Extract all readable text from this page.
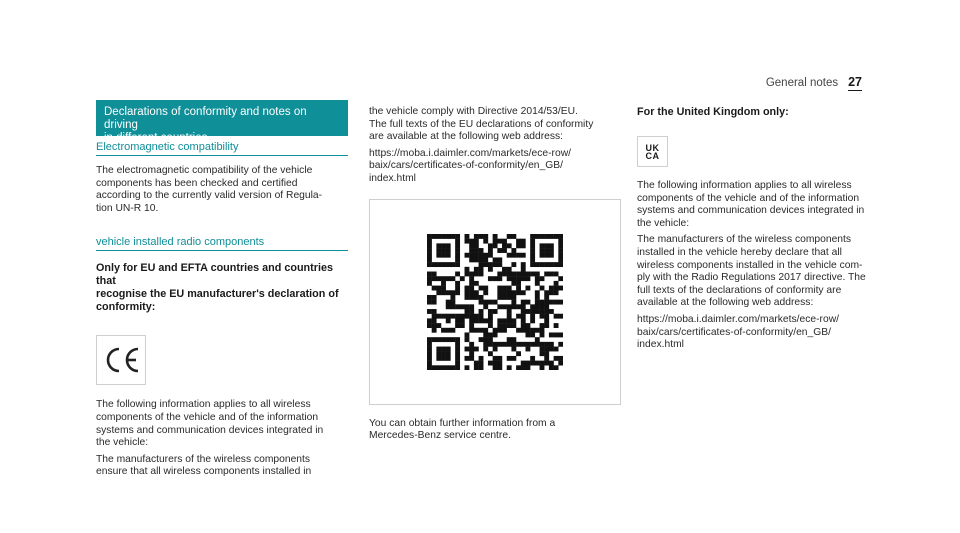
General notes 27
Declarations of conformity and notes on driving
in different countries
Electromagnetic compatibility

The electromagnetic compatibility of the vehicle
components has been checked and certified
according to the currently valid version of Regula-
tion UN-R 10.

vehicle installed radio components
Only for EU and EFTA countries and countries that
recognise the EU manufacturer's declaration of
conformity:

The following information applies to all wireless
components of the vehicle and of the information
systems and communication devices integrated in
the vehicle:

The manufacturers of the wireless components
ensure that all wireless components installed in

the vehicle comply with Directive 2014/53/EU.
The full texts of the EU declarations of conformity
are available at the following web address:

https://moba.i.daimler.com/markets/ece-row/
baix/cars/certificates-of-conformity/en_GB/
index.html

You can obtain further information from a
Mercedes-Benz service centre.

For the United Kingdom only:
UK
CA

The following information applies to all wireless
components of the vehicle and of the information
systems and communication devices integrated in
the vehicle:

The manufacturers of the wireless components
installed in the vehicle hereby declare that all
wireless components installed in the vehicle com-
ply with the Radio Regulations 2017 directive. The
full texts of the declarations of conformity are
available at the following web address:

https://moba.i.daimler.com/markets/ece-row/
baix/cars/certificates-of-conformity/en_GB/
index.html
